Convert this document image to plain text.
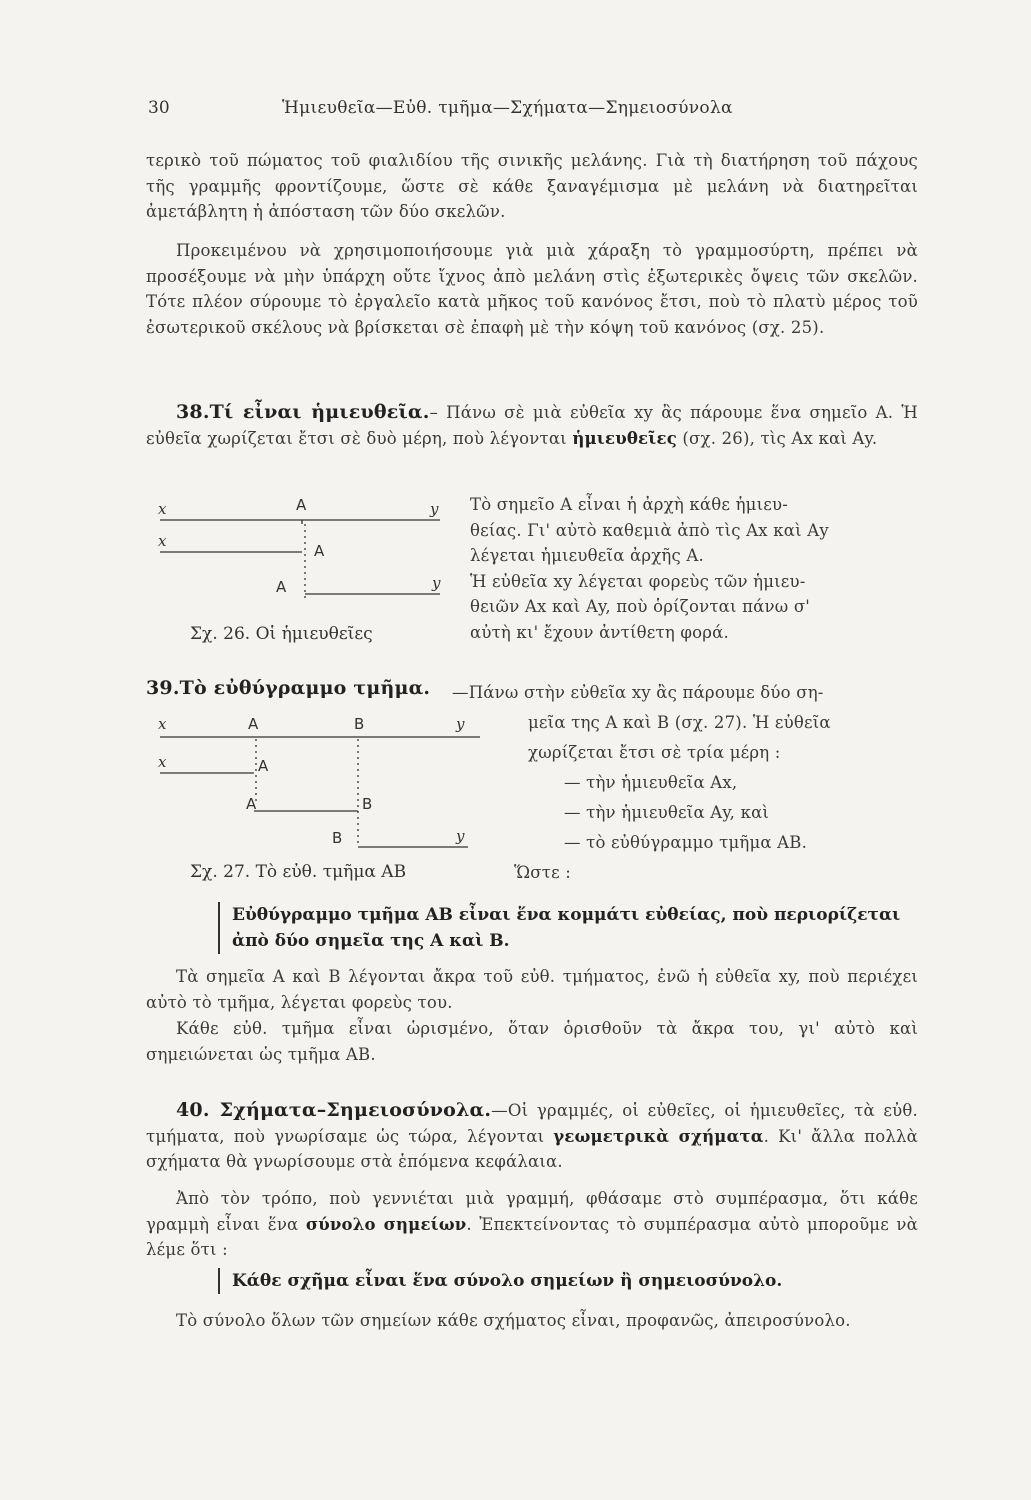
30	Ἡμιευθεῖα—Εὐθ. τμῆμα—Σχήματα—Σημειοσύνολα
τερικὸ τοῦ πώματος τοῦ φιαλιδίου τῆς σινικῆς μελάνης. Γιὰ τὴ διατήρηση τοῦ πάχους τῆς γραμμῆς φροντίζουμε, ὥστε σὲ κάθε ξαναγέμισμα μὲ μελάνη νὰ διατηρεῖται ἀμετάβλητη ἡ ἀπόσταση τῶν δύο σκελῶν.
Προκειμένου νὰ χρησιμοποιήσουμε γιὰ μιὰ χάραξη τὸ γραμμοσύρτη, πρέπει νὰ προσέξουμε νὰ μὴν ὑπάρχη οὔτε ἴχνος ἀπὸ μελάνη στὶς ἐξωτερικὲς ὄψεις τῶν σκελῶν. Τότε πλέον σύρουμε τὸ ἐργαλεῖο κατὰ μῆκος τοῦ κανόνος ἔτσι, ποὺ τὸ πλατὺ μέρος τοῦ ἐσωτερικοῦ σκέλους νὰ βρίσκεται σὲ ἐπαφὴ μὲ τὴν κόψη τοῦ κανόνος (σχ. 25).
38.Τί εἶναι ἡμιευθεῖα.– Πάνω σὲ μιὰ εὐθεῖα xy ἂς πάρουμε ἕνα σημεῖο Α. Ἡ εὐθεῖα χωρίζεται ἔτσι σὲ δυὸ μέρη, ποὺ λέγονται ἡμιευθεῖες (σχ. 26), τὶς Αx καὶ Αy.
x	Α	y
x
Α
Α	y
Τὸ σημεῖο Α εἶναι ἡ ἀρχὴ κάθε ἡμιευ-
θείας. Γι' αὐτὸ καθεμιὰ ἀπὸ τὶς Αx καὶ Αy
λέγεται ἡμιευθεῖα ἀρχῆς Α.
Ἡ εὐθεῖα xy λέγεται φορεὺς τῶν ἡμιευ-
θειῶν Αx καὶ Αy, ποὺ ὁρίζονται πάνω σ'
αὐτὴ κι' ἔχουν ἀντίθετη φορά.
Σχ. 26. Οἱ ἡμιευθεῖες
39.Τὸ εὐθύγραμμο τμῆμα.	—Πάνω στὴν εὐθεῖα xy ἂς πάρουμε δύο ση-
μεῖα της Α καὶ Β (σχ. 27). Ἡ εὐθεῖα
χωρίζεται ἔτσι σὲ τρία μέρη :
— τὴν ἡμιευθεῖα Αx,
— τὴν ἡμιευθεῖα Αy, καὶ
— τὸ εὐθύγραμμο τμῆμα ΑΒ.
Ὥστε :
x	Α	Β	y
x	Α
Α	Β
Β	y
Σχ. 27. Τὸ εὐθ. τμῆμα ΑΒ
Εὐθύγραμμο τμῆμα ΑΒ εἶναι ἕνα κομμάτι εὐθείας, ποὺ περιορίζεται ἀπὸ δύο σημεῖα της Α καὶ Β.
Τὰ σημεῖα Α καὶ Β λέγονται ἄκρα τοῦ εὐθ. τμήματος, ἐνῶ ἡ εὐθεῖα xy, ποὺ περιέχει αὐτὸ τὸ τμῆμα, λέγεται φορεὺς του.
Κάθε εὐθ. τμῆμα εἶναι ὡρισμένο, ὅταν ὁρισθοῦν τὰ ἄκρα του, γι' αὐτὸ καὶ σημειώνεται ὡς τμῆμα ΑΒ.
40. Σχήματα–Σημειοσύνολα.—Οἱ γραμμές, οἱ εὐθεῖες, οἱ ἡμιευθεῖες, τὰ εὐθ. τμήματα, ποὺ γνωρίσαμε ὡς τώρα, λέγονται γεωμετρικὰ σχήματα. Κι' ἄλλα πολλὰ σχήματα θὰ γνωρίσουμε στὰ ἑπόμενα κεφάλαια.
Ἀπὸ τὸν τρόπο, ποὺ γεννιέται μιὰ γραμμή, φθάσαμε στὸ συμπέρασμα, ὅτι κάθε γραμμὴ εἶναι ἕνα σύνολο σημείων. Ἐπεκτείνοντας τὸ συμπέρασμα αὐτὸ μποροῦμε νὰ λέμε ὅτι :
Κάθε σχῆμα εἶναι ἕνα σύνολο σημείων ἢ σημειοσύνολο.
Τὸ σύνολο ὅλων τῶν σημείων κάθε σχήματος εἶναι, προφανῶς, ἀπειροσύνολο.
